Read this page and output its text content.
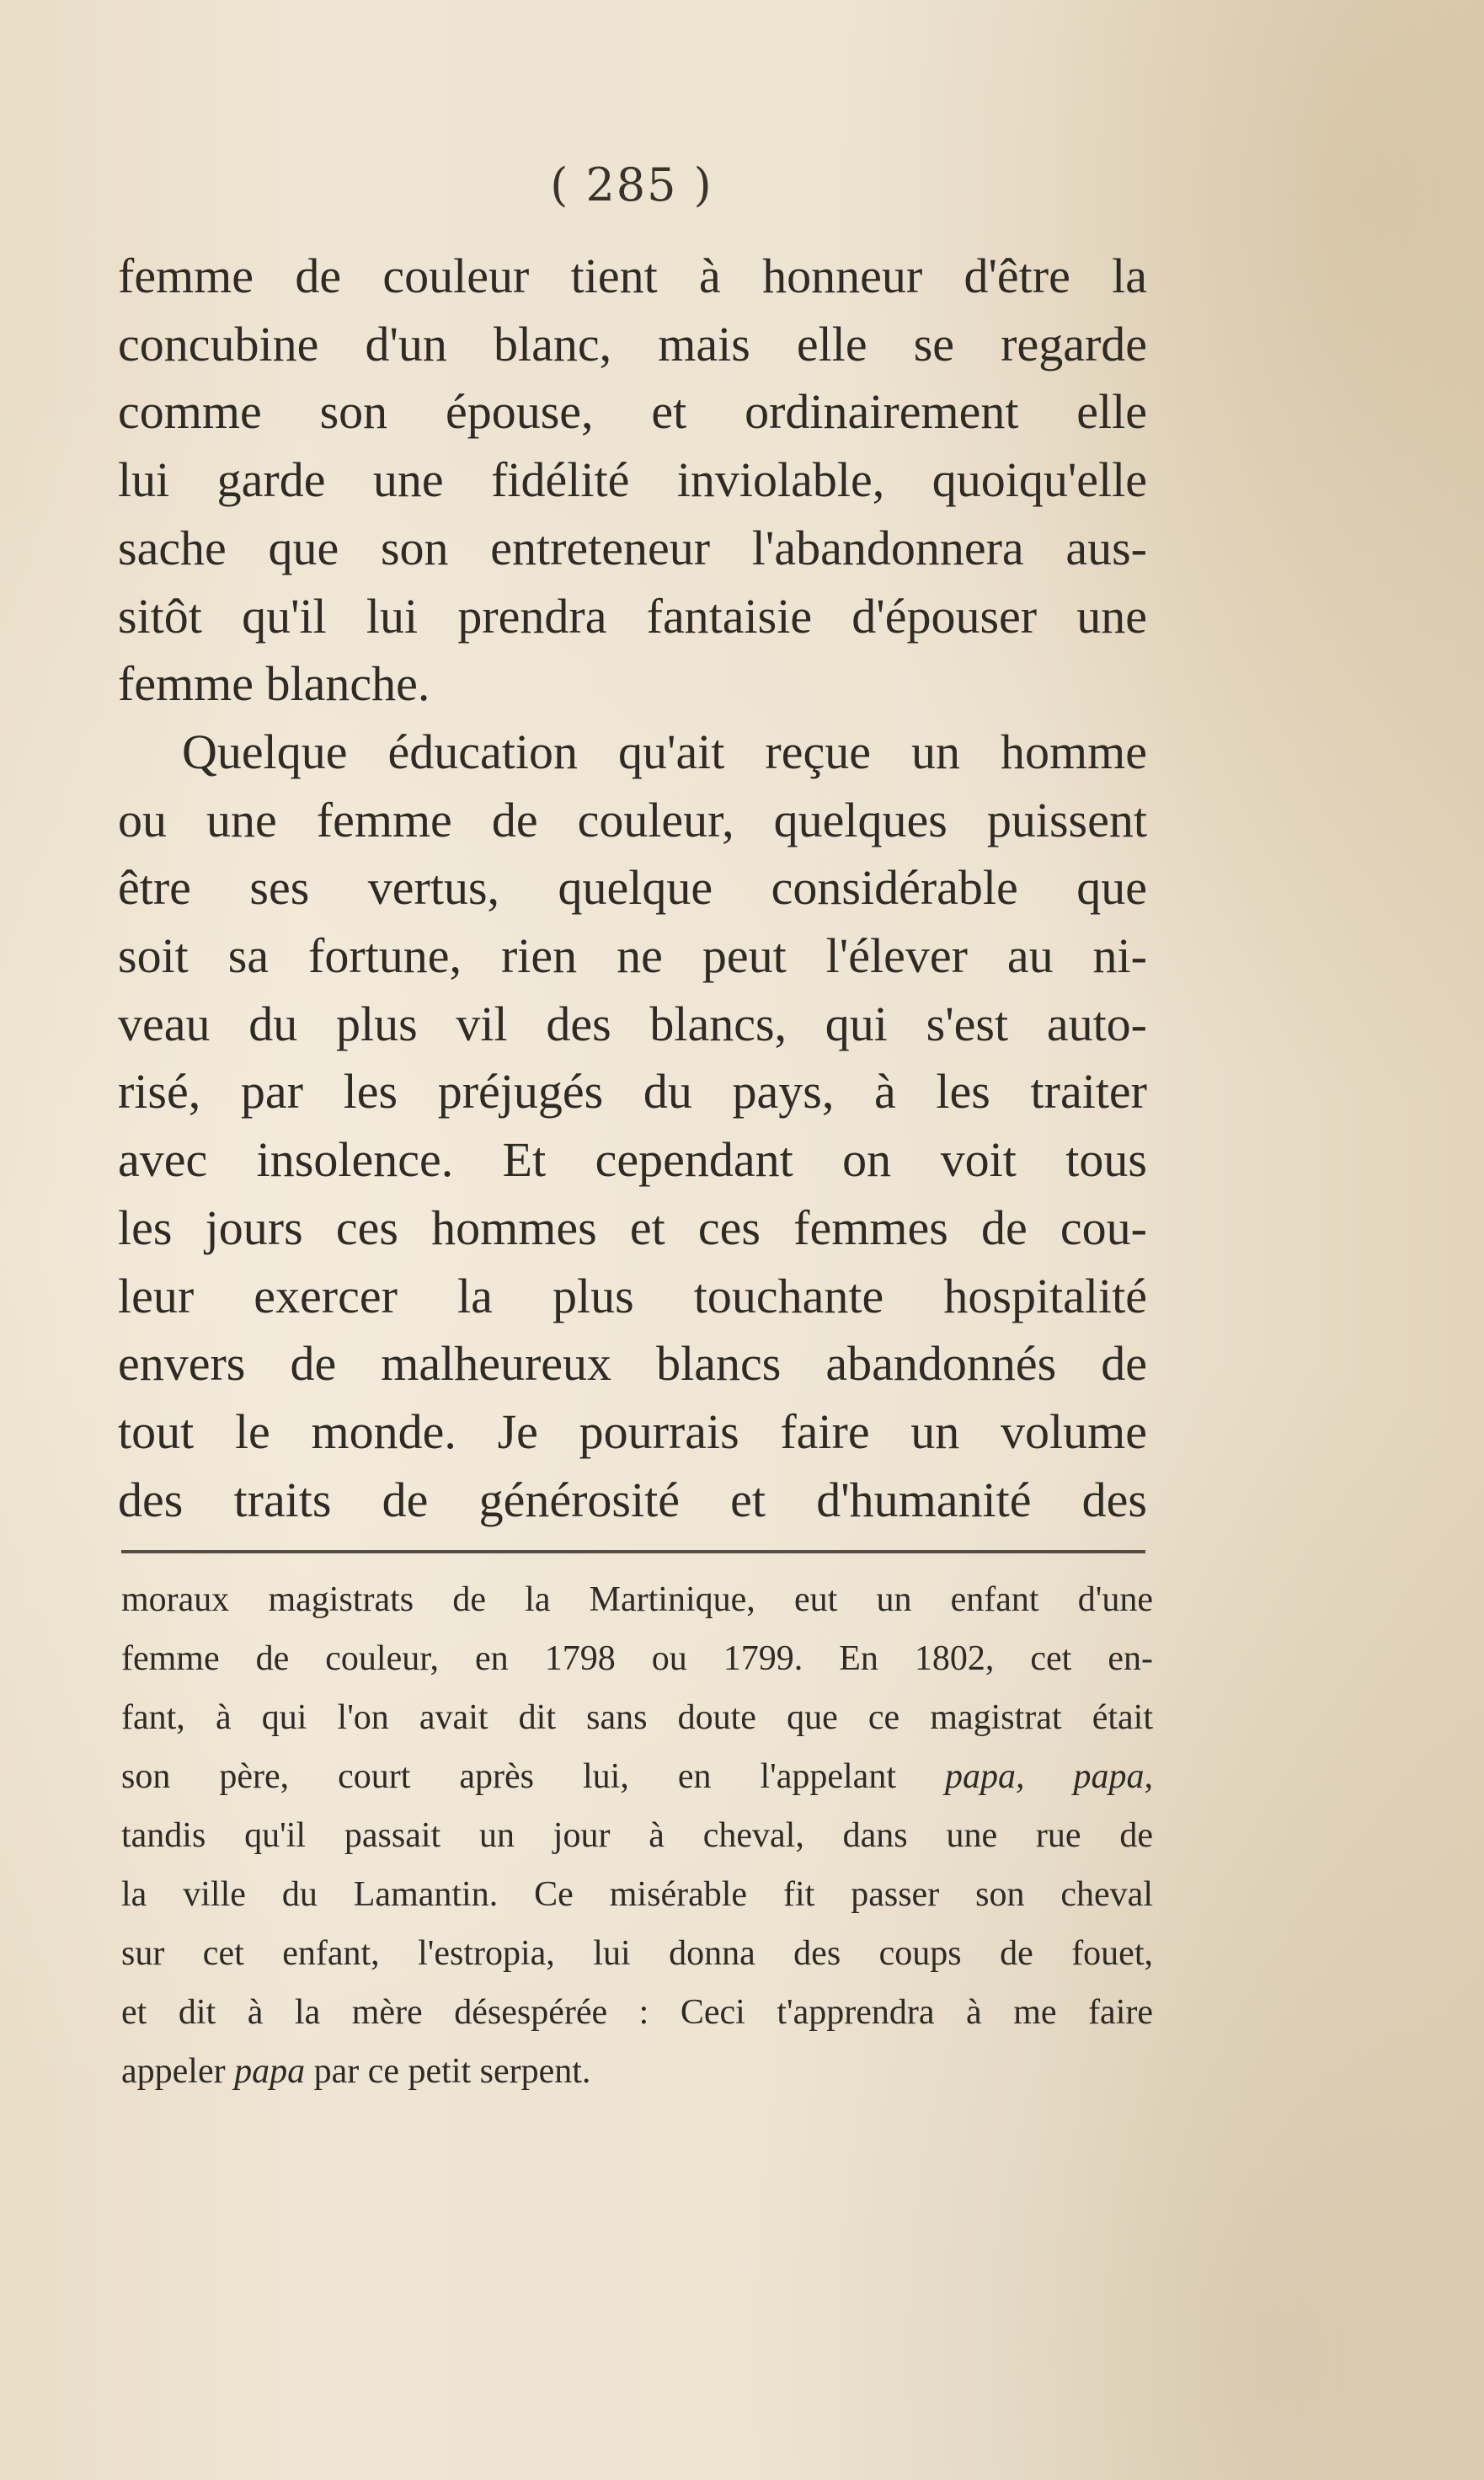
( 285 )
femme de couleur tient à honneur d'être la
concubine d'un blanc, mais elle se regarde
comme son épouse, et ordinairement elle
lui garde une fidélité inviolable, quoiqu'elle
sache que son entreteneur l'abandonnera aus-
sitôt qu'il lui prendra fantaisie d'épouser une
femme blanche.
Quelque éducation qu'ait reçue un homme
ou une femme de couleur, quelques puissent
être ses vertus, quelque considérable que
soit sa fortune, rien ne peut l'élever au ni-
veau du plus vil des blancs, qui s'est auto-
risé, par les préjugés du pays, à les traiter
avec insolence. Et cependant on voit tous
les jours ces hommes et ces femmes de cou-
leur exercer la plus touchante hospitalité
envers de malheureux blancs abandonnés de
tout le monde. Je pourrais faire un volume
des traits de générosité et d'humanité des
moraux magistrats de la Martinique, eut un enfant d'une
femme de couleur, en 1798 ou 1799. En 1802, cet en-
fant, à qui l'on avait dit sans doute que ce magistrat était
son père, court après lui, en l'appelant papa, papa,
tandis qu'il passait un jour à cheval, dans une rue de
la ville du Lamantin. Ce misérable fit passer son cheval
sur cet enfant, l'estropia, lui donna des coups de fouet,
et dit à la mère désespérée : Ceci t'apprendra à me faire
appeler papa par ce petit serpent.
